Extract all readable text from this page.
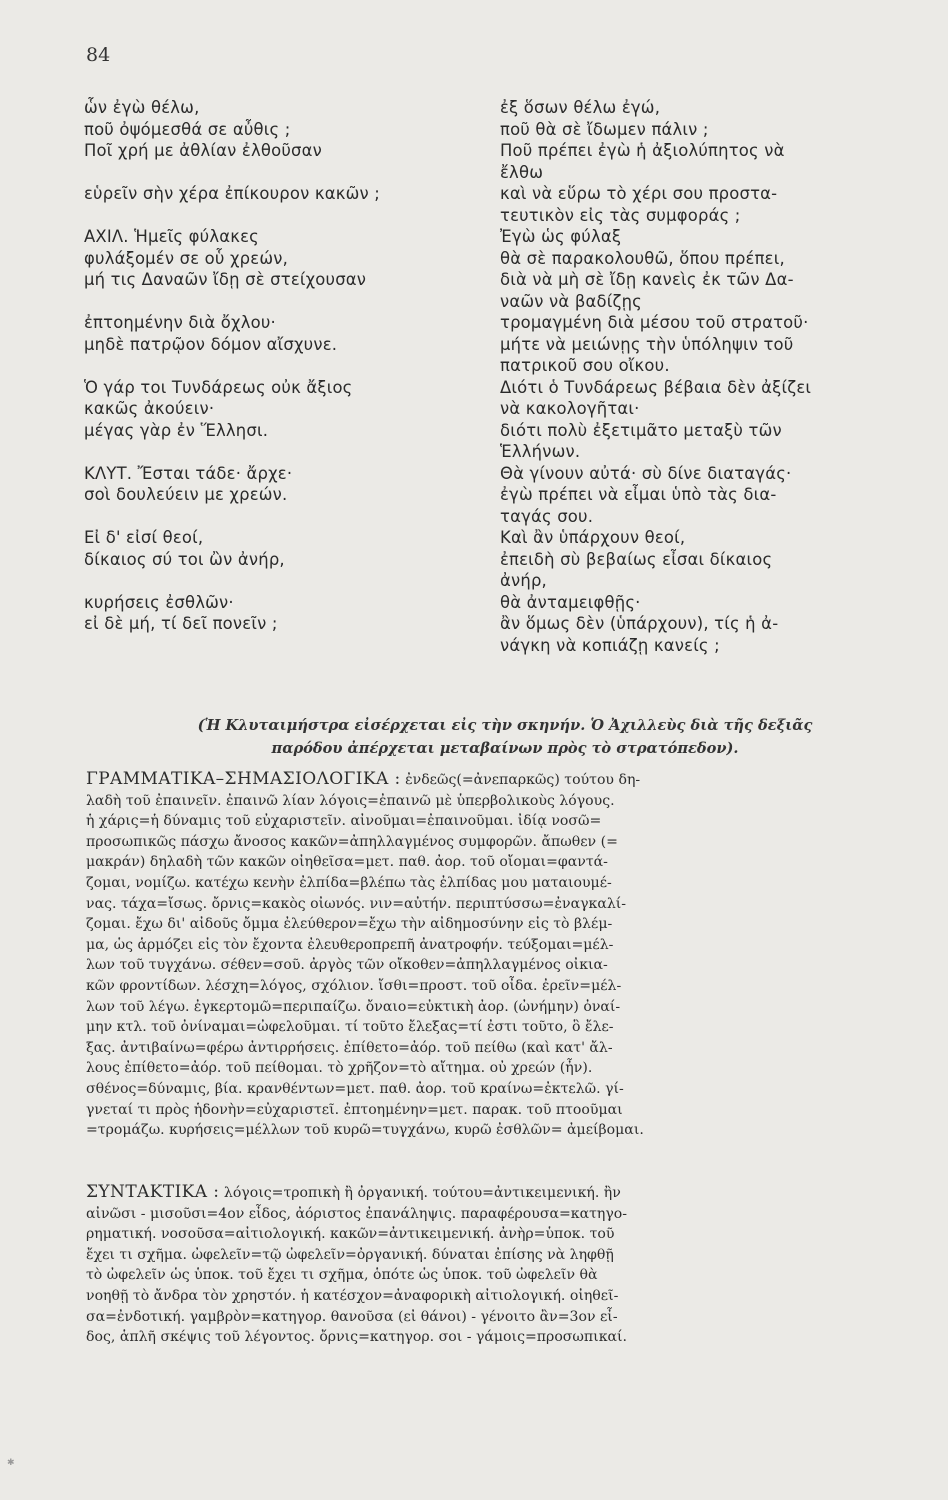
84
ὧν ἐγὼ θέλω,	ἐξ ὅσων θέλω ἐγώ,
ποῦ ὀψόμεσθά σε αὖθις ;	ποῦ θὰ σὲ ἴδωμεν πάλιν ;
Ποῖ χρή με ἀθλίαν ἐλθοῦσαν	Ποῦ πρέπει ἐγὼ ἡ ἀξιολύπητος νὰ
ἔλθω
εὑρεῖν σὴν χέρα ἐπίκουρον κακῶν ;	καὶ νὰ εὕρω τὸ χέρι σου προστα-
τευτικὸν εἰς τὰς συμφοράς ;
ΑΧΙΛ. Ἡμεῖς φύλακες	Ἐγὼ ὡς φύλαξ
φυλάξομέν σε οὗ χρεών,	θὰ σὲ παρακολουθῶ, ὅπου πρέπει,
μή τις Δαναῶν ἴδῃ σὲ στείχουσαν	διὰ νὰ μὴ σὲ ἴδῃ κανεὶς ἐκ τῶν Δα-
ναῶν νὰ βαδίζῃς
ἐπτοημένην διὰ ὄχλου·	τρομαγμένη διὰ μέσου τοῦ στρατοῦ·
μηδὲ πατρῷον δόμον αἴσχυνε.	μήτε νὰ μειώνῃς τὴν ὑπόληψιν τοῦ
πατρικοῦ σου οἴκου.
Ὁ γάρ τοι Τυνδάρεως οὐκ ἄξιος	Διότι ὁ Τυνδάρεως βέβαια δὲν ἀξίζει
κακῶς ἀκούειν·	νὰ κακολογῆται·
μέγας γὰρ ἐν Ἕλλησι.	διότι πολὺ ἐξετιμᾶτο μεταξὺ τῶν
Ἑλλήνων.
ΚΛΥΤ. Ἔσται τάδε· ἄρχε·	Θὰ γίνουν αὐτά· σὺ δίνε διαταγάς·
σοὶ δουλεύειν με χρεών.	ἐγὼ πρέπει νὰ εἶμαι ὑπὸ τὰς δια-
ταγάς σου.
Εἰ δ' εἰσί θεοί,	Καὶ ἂν ὑπάρχουν θεοί,
δίκαιος σύ τοι ὢν ἀνήρ,	ἐπειδὴ σὺ βεβαίως εἶσαι δίκαιος
ἀνήρ,
κυρήσεις ἐσθλῶν·	θὰ ἀνταμειφθῇς·
εἰ δὲ μή, τί δεῖ πονεῖν ;	ἂν ὅμως δὲν (ὑπάρχουν), τίς ἡ ἀ-
νάγκη νὰ κοπιάζῃ κανείς ;
(Ἡ Κλυταιμήστρα εἰσέρχεται εἰς τὴν σκηνήν. Ὁ Ἀχιλλεὺς διὰ τῆς δεξιᾶς
παρόδου ἀπέρχεται μεταβαίνων πρὸς τὸ στρατόπεδον).
ΓΡΑΜΜΑΤΙΚΑ–ΣΗΜΑΣΙΟΛΟΓΙΚΑ : ἐνδεῶς(=ἀνεπαρκῶς) τούτου δη-
λαδὴ τοῦ ἐπαινεῖν. ἐπαινῶ λίαν λόγοις=ἐπαινῶ μὲ ὑπερβολικοὺς λόγους.
ἡ χάρις=ἡ δύναμις τοῦ εὐχαριστεῖν. αἰνοῦμαι=ἐπαινοῦμαι. ἰδίᾳ νοσῶ=
προσωπικῶς πάσχω ἄνοσος κακῶν=ἀπηλλαγμένος συμφορῶν. ἄπωθεν (=
μακράν) δηλαδὴ τῶν κακῶν οἰηθεῖσα=μετ. παθ. ἀορ. τοῦ οἴομαι=φαντά-
ζομαι, νομίζω. κατέχω κενὴν ἐλπίδα=βλέπω τὰς ἐλπίδας μου ματαιουμέ-
νας. τάχα=ἴσως. ὄρνις=κακὸς οἰωνός. νιν=αὐτήν. περιπτύσσω=ἐναγκαλί-
ζομαι. ἔχω δι' αἰδοῦς ὄμμα ἐλεύθερον=ἔχω τὴν αἰδημοσύνην εἰς τὸ βλέμ-
μα, ὡς ἁρμόζει εἰς τὸν ἔχοντα ἐλευθεροπρεπῆ ἀνατροφήν. τεύξομαι=μέλ-
λων τοῦ τυγχάνω. σέθεν=σοῦ. ἀργὸς τῶν οἴκοθεν=ἀπηλλαγμένος οἰκια-
κῶν φροντίδων. λέσχη=λόγος, σχόλιον. ἴσθι=προστ. τοῦ οἶδα. ἐρεῖν=μέλ-
λων τοῦ λέγω. ἐγκερτομῶ=περιπαίζω. ὄναιο=εὐκτικὴ ἀορ. (ὠνήμην) ὀναί-
μην κτλ. τοῦ ὀνίναμαι=ὠφελοῦμαι. τί τοῦτο ἔλεξας=τί ἐστι τοῦτο, ὃ ἔλε-
ξας. ἀντιβαίνω=φέρω ἀντιρρήσεις. ἐπίθετο=ἀόρ. τοῦ πείθω (καὶ κατ' ἄλ-
λους ἐπίθετο=ἀόρ. τοῦ πείθομαι. τὸ χρῆζον=τὸ αἴτημα. οὐ χρεών (ἦν).
σθένος=δύναμις, βία. κρανθέντων=μετ. παθ. ἀορ. τοῦ κραίνω=ἐκτελῶ. γί-
γνεταί τι πρὸς ἡδονὴν=εὐχαριστεῖ. ἐπτοημένην=μετ. παρακ. τοῦ πτοοῦμαι
=τρομάζω. κυρήσεις=μέλλων τοῦ κυρῶ=τυγχάνω, κυρῶ ἐσθλῶν= ἀμείβομαι.
ΣΥΝΤΑΚΤΙΚΑ : λόγοις=τροπικὴ ἢ ὀργανική. τούτου=ἀντικειμενική. ἢν
αἰνῶσι - μισοῦσι=4ον εἶδος, ἀόριστος ἐπανάληψις. παραφέρουσα=κατηγο-
ρηματική. νοσοῦσα=αἰτιολογική. κακῶν=ἀντικειμενική. ἀνὴρ=ὑποκ. τοῦ
ἔχει τι σχῆμα. ὠφελεῖν=τῷ ὠφελεῖν=ὀργανική. δύναται ἐπίσης νὰ ληφθῇ
τὸ ὠφελεῖν ὡς ὑποκ. τοῦ ἔχει τι σχῆμα, ὁπότε ὡς ὑποκ. τοῦ ὠφελεῖν θὰ
νοηθῇ τὸ ἄνδρα τὸν χρηστόν. ἡ κατέσχον=ἀναφορικὴ αἰτιολογική. οἰηθεῖ-
σα=ἐνδοτική. γαμβρὸν=κατηγορ. θανοῦσα (εἰ θάνοι) - γένοιτο ἂν=3ον εἶ-
δος, ἁπλῆ σκέψις τοῦ λέγοντος. ὄρνις=κατηγορ. σοι - γάμοις=προσωπικαί.
✱
